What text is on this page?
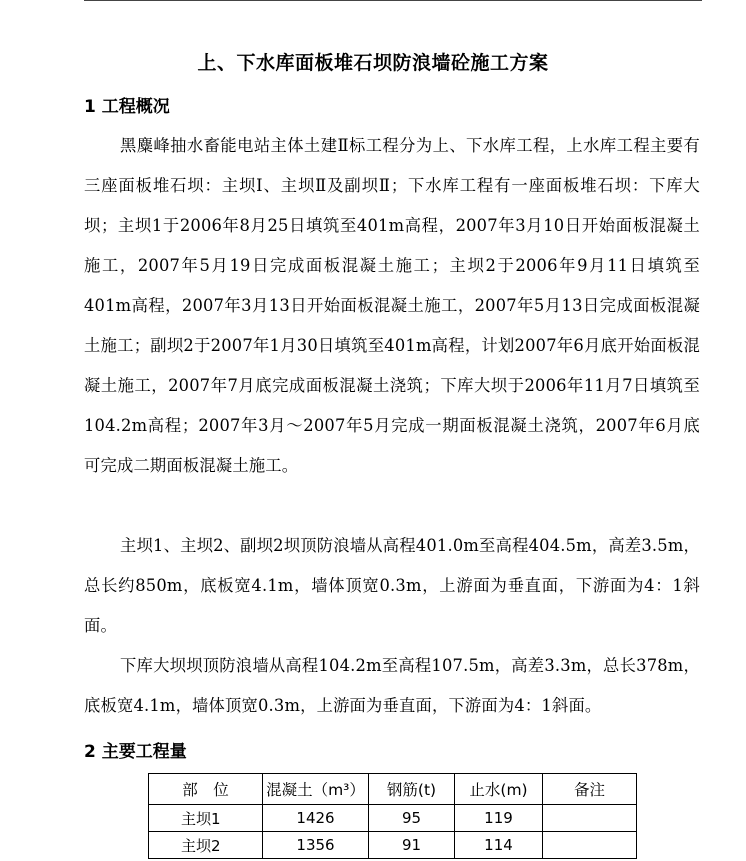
上、下水库面板堆石坝防浪墙砼施工方案
1 工程概况
黑麋峰抽水畜能电站主体土建Ⅱ标工程分为上、下水库工程，上水库工程主要有三座面板堆石坝：主坝Ⅰ、主坝Ⅱ及副坝Ⅱ；下水库工程有一座面板堆石坝：下库大坝；主坝1于2006年8月25日填筑至401m高程，2007年3月10日开始面板混凝土施工，2007年5月19日完成面板混凝土施工；主坝2于2006年9月11日填筑至401m高程，2007年3月13日开始面板混凝土施工，2007年5月13日完成面板混凝土施工；副坝2于2007年1月30日填筑至401m高程，计划2007年6月底开始面板混凝土施工，2007年7月底完成面板混凝土浇筑；下库大坝于2006年11月7日填筑至104.2m高程；2007年3月～2007年5月完成一期面板混凝土浇筑，2007年6月底可完成二期面板混凝土施工。
主坝1、主坝2、副坝2坝顶防浪墙从高程401.0m至高程404.5m，高差3.5m，总长约850m，底板宽4.1m，墙体顶宽0.3m，上游面为垂直面，下游面为4：1斜面。
下库大坝坝顶防浪墙从高程104.2m至高程107.5m，高差3.3m，总长378m，底板宽4.1m，墙体顶宽0.3m，上游面为垂直面，下游面为4：1斜面。
2 主要工程量
部　位	混凝土（m³）	钢筋(t)	止水(m)	备注
主坝1	1426	95	119	
主坝2	1356	91	114	
